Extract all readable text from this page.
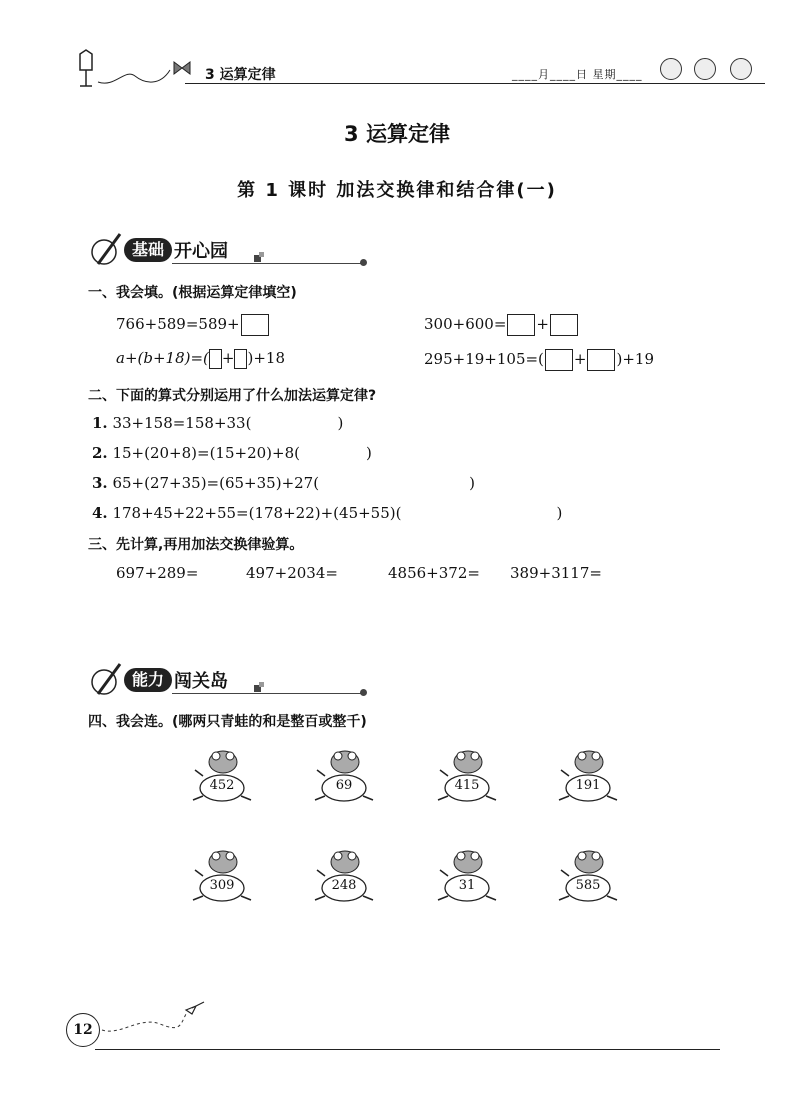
3 运算定律	____月____日 星期____
3 运算定律
第 1 课时 加法交换律和结合律(一)
基础 开心园
一、我会填。(根据运算定律填空)
766+589=589+	300+600= +
a+(b+18)=( + )+18	295+19+105=( + )+19
二、下面的算式分别运用了什么加法运算定律?
1. 33+158=158+33(	)
2. 15+(20+8)=(15+20)+8(	)
3. 65+(27+35)=(65+35)+27(	)
4. 178+45+22+55=(178+22)+(45+55)(	)
三、先计算,再用加法交换律验算。
697+289=	497+2034=	4856+372= 389+3117=
能力 闯关岛
四、我会连。(哪两只青蛙的和是整百或整千)
452	69	415	191
309	248	31	585
12
